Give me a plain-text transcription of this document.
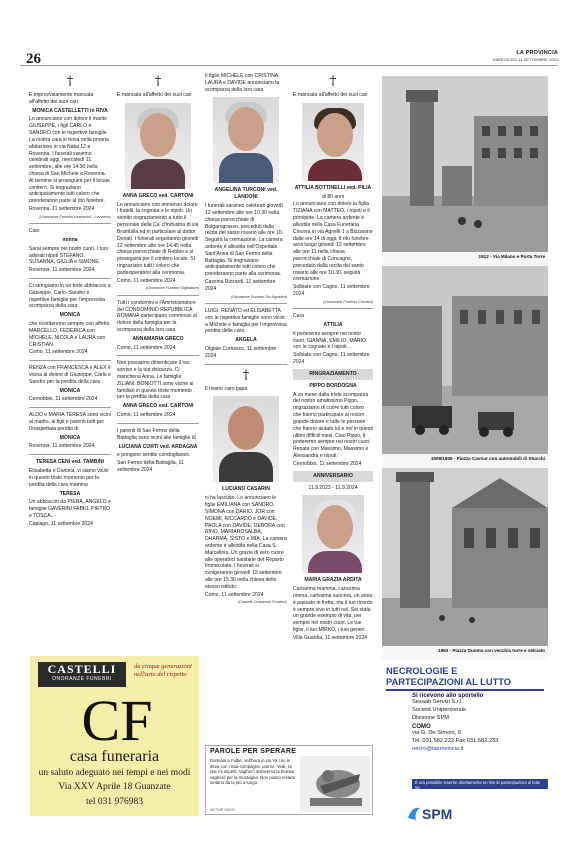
26	LA PROVINCIA
MERCOLEDÌ 11 SETTEMBRE 2024
†

È improvvisamente mancata all'affetto dei suoi cari

MONICA CASTELLETTI in RIVA

Lo annunciano con dolore il marito GIUSEPPE, i figli CARLO e SANDRO con le rispettive famiglie. La nostra cara si trova nella propria abitazione in via Natai 12 a Rovenna. I funerali saranno celebrati oggi, mercoledì 11 settembre, alle ore 14.30 nella chiesa di San Michele a Rovenna. Al termine si proseguirà per il locale cimitero. Si ringraziano anticipatamente tutti coloro che prenderanno parte al rito funebre.

Rovenna, 11 settembre 2024

(Onoranze Funebri Invernizzi - Lezzeno)

Ciao

nonna

Sarai sempre nei nostri cuori. I tuoi adorati nipoti STEFANO, SUSANNA, GIULIA e SIMONE.

Rovenna, 11 settembre 2024

Ci stringiamo in un forte abbraccio a Giuseppe, Carlo, Sandro e rispettive famiglie per l'improvvisa scomparsa della cara

MONICA

che ricorderemo sempre con affetto. MARCELLO, FEDERICA con MICHELE, NICOLA e LAURA con CRISTIAN.

Como, 11 settembre 2024

RENZA con FRANCESCA e ALEX è vicina al dolore di Giuseppe, Carlo e Sandro per la perdita della cara

MONICA

Cernobbio, 11 settembre 2024

ALDO e MARIA TERESA sono vicini al marito, ai figli e parenti tutti per l'inaspettata perdita di

MONICA

Rovenna, 11 settembre 2024

TERESA CENI ved. TAMBINI

Elisabetta e Daniela, vi siamo vicini in questo triste momento per la perdita della cara mamma

TERESA

Un abbraccio da PIERA, ANGELO e famiglie GAVERINI FABIO, PIETRO e TOSCA.

Capiago, 11 settembre 2024

†

È mancata all'affetto dei suoi cari

ANNA GRECO ved. CARTONI

Lo annunciano con immenso dolore i fratelli, la cognata e le nipoti. Un sentito ringraziamento a tutto il personale della Ca' d'Industria di via Brambilla ed in particolare al dottor Donati. I funerali seguiranno giovedì 12 settembre alle ore 14.45 nella chiesa parrocchiale di Rebbio e si proseguirà per il cimitero locale. Si ringraziano tutti i coloro che parteciperanno alla cerimonia.

Como, 11 settembre 2024

(Onoranze Funebri Tagliabue)

Tutti i condomini e l'Amministratore del CONDOMINIO REPUBBLICA ROMANA partecipano commossi al dolore della famiglia per la scomparsa della loro cara

ANNAMARIA GRECO

Como, 11 settembre 2024

Non possiamo dimenticare il tuo sorriso e la tua dolcezza. Ci mancherai Anna. Le famiglie ZILIANI, BONIOTTI sono vicine ai familiari in questo triste momento per la perdita della cara

ANNA GRECO ved. CARTONI

Como, 11 settembre 2024

I parenti di San Fermo della Battaglia sono vicini alle famiglie di

LUCIANA CORTI ved. ARDAGNA

e pongono sentite condoglianze.

San Fermo della Battaglia, 11 settembre 2024

Il figlio MICHELE con CRISTINA, LAURA e DAVIDE annunciano la scomparsa della loro cara

ANGELINA TURCONI ved. LANDONI

I funerali saranno celebrati giovedì 12 settembre alle ore 10.30 nella chiesa parrocchiale di Bulgarograsso, preceduti dalla recita del santo rosario alle ore 10. Seguirà la cremazione. La camera ardente è allestita nell'Ospedale Sant'Anna di San Fermo della Battaglia. Si ringraziano anticipatamente tutti coloro che prenderanno parte alla cerimonia.

Cassina Rizzardi, 11 settembre 2024

(Onoranze Funebri De Agostini)

LUIGI, RENATO ed ELISABETTA con le rispettive famiglie sono vicini a Michele e famiglia per l'improvvisa perdita della cara

ANGELA

Olgiate Comasco, 11 settembre 2024

†

Il nostro caro papà

LUCIANO CASARIN

ci ha lasciato. Lo annunciano le figlie EMILIANA con SANDRO, SIMONA con DARIO, JOR con NOEMI, RICCARDO e DAVIDE, PAOLA con DAVIDE, DEBORA con RINO, MARIAROSALBA, DHARMA, SISTO e MIA. La camera ardente è allestita nella Casa S. Marcellina. Un grazie di vero cuore alle operatrici sanitarie del Reparto Immacolata. I funerali si svolgeranno giovedì 12 settembre alle ore 15.30 nella chiesa dello stesso istituto.

Como, 11 settembre 2024

(Castelli Onoranze Funebri)
†

È mancata all'affetto dei suoi cari

ATTILIA BOTTINELLI ved. PILIA
di 80 anni

Lo annunciano con dolore la figlia TIZIANA con MATTEO, i nipoti e il pronipote. La camera ardente è allestita nella Casa Funeraria Cincera in via Agnelli 1 a Bizzarone dalle ore 14 di oggi. Il rito funebre avrà luogo giovedì 12 settembre alle ore 11 nella chiesa parrocchiale di Concagno, preceduto dalla recita del santo rosario alle ore 10.30, seguirà cremazione.

Solbiate con Cagno, 11 settembre 2024

(Onoranze Funebri Cincera)

Cara

ATTILIA

ti porteremo sempre nei nostri cuori. GIANNA, EMILIO, MARIO con le cognate e i nipoti.

Solbiate con Cagno, 11 settembre 2024

RINGRAZIAMENTO
PIPPO BORDOGNA

A un mese dalla triste scomparsa del nostro amatissimo Pippo, ringraziamo di cuore tutti coloro che hanno partecipato al nostro grande dolore e tutte le persone che hanno aiutato lui e noi in questi ultimi difficili mesi. Ciao Pippo, ti porteremo sempre nei nostri cuori. Renata con Massimo, Massimo e Alessandra e nipoti.

Cernobbio, 11 settembre 2024

ANNIVERSARIO
11.9.2023 - 11.9.2024
MARIA GRAZIA ARDITA

Carissima mamma, carissima nonna, carissima suocera, un anno è passato in fretta, ma il tuo ricordo è sempre vivo in tutti noi. Sei stata un grande esempio di vita, per sempre nei nostri cuori. Le tue figlie, il tuo MIRKO, i tuoi generi.

Villa Guardia, 11 settembre 2024

CASTELLI
ONORANZE FUNEBRI
da cinque generazioni nell'arte del rispetto
CF
casa funeraria
un saluto adeguato nei tempi e nei modi
Via XXV Aprile 18 Guanzate
tel 031 976983
PAROLE PER SPERARE
Dormani a Fulbe, vell'hora in cui Va con le deva con i Sua compagna, parrire. Vedi, so che mi aspetti. Vagherò attraverso la foresta, vagherò per la montagna. Non posso restare lontano da te più a lungo.
VICTOR HUGO
1912 - Via Milano e Porta Torre
1908/1909 - Piazza Cavour con automobili di Stucchi
1893 - Piazza Duomo con vecchia torre e selciato
NECROLOGIE E
PARTECIPAZIONI AL LUTTO
Si ricevono allo sportello
Sesaab Servizi S.r.l.
Società Unipersonale
Divisione SPM
COMO
via G. De Simoni, 6
Tel. 031.582.222 Fax 031.582.233
necro@laprovincia.it
È ora possibile inserire direttamente on line le partecipazioni al lutto su
SPM
